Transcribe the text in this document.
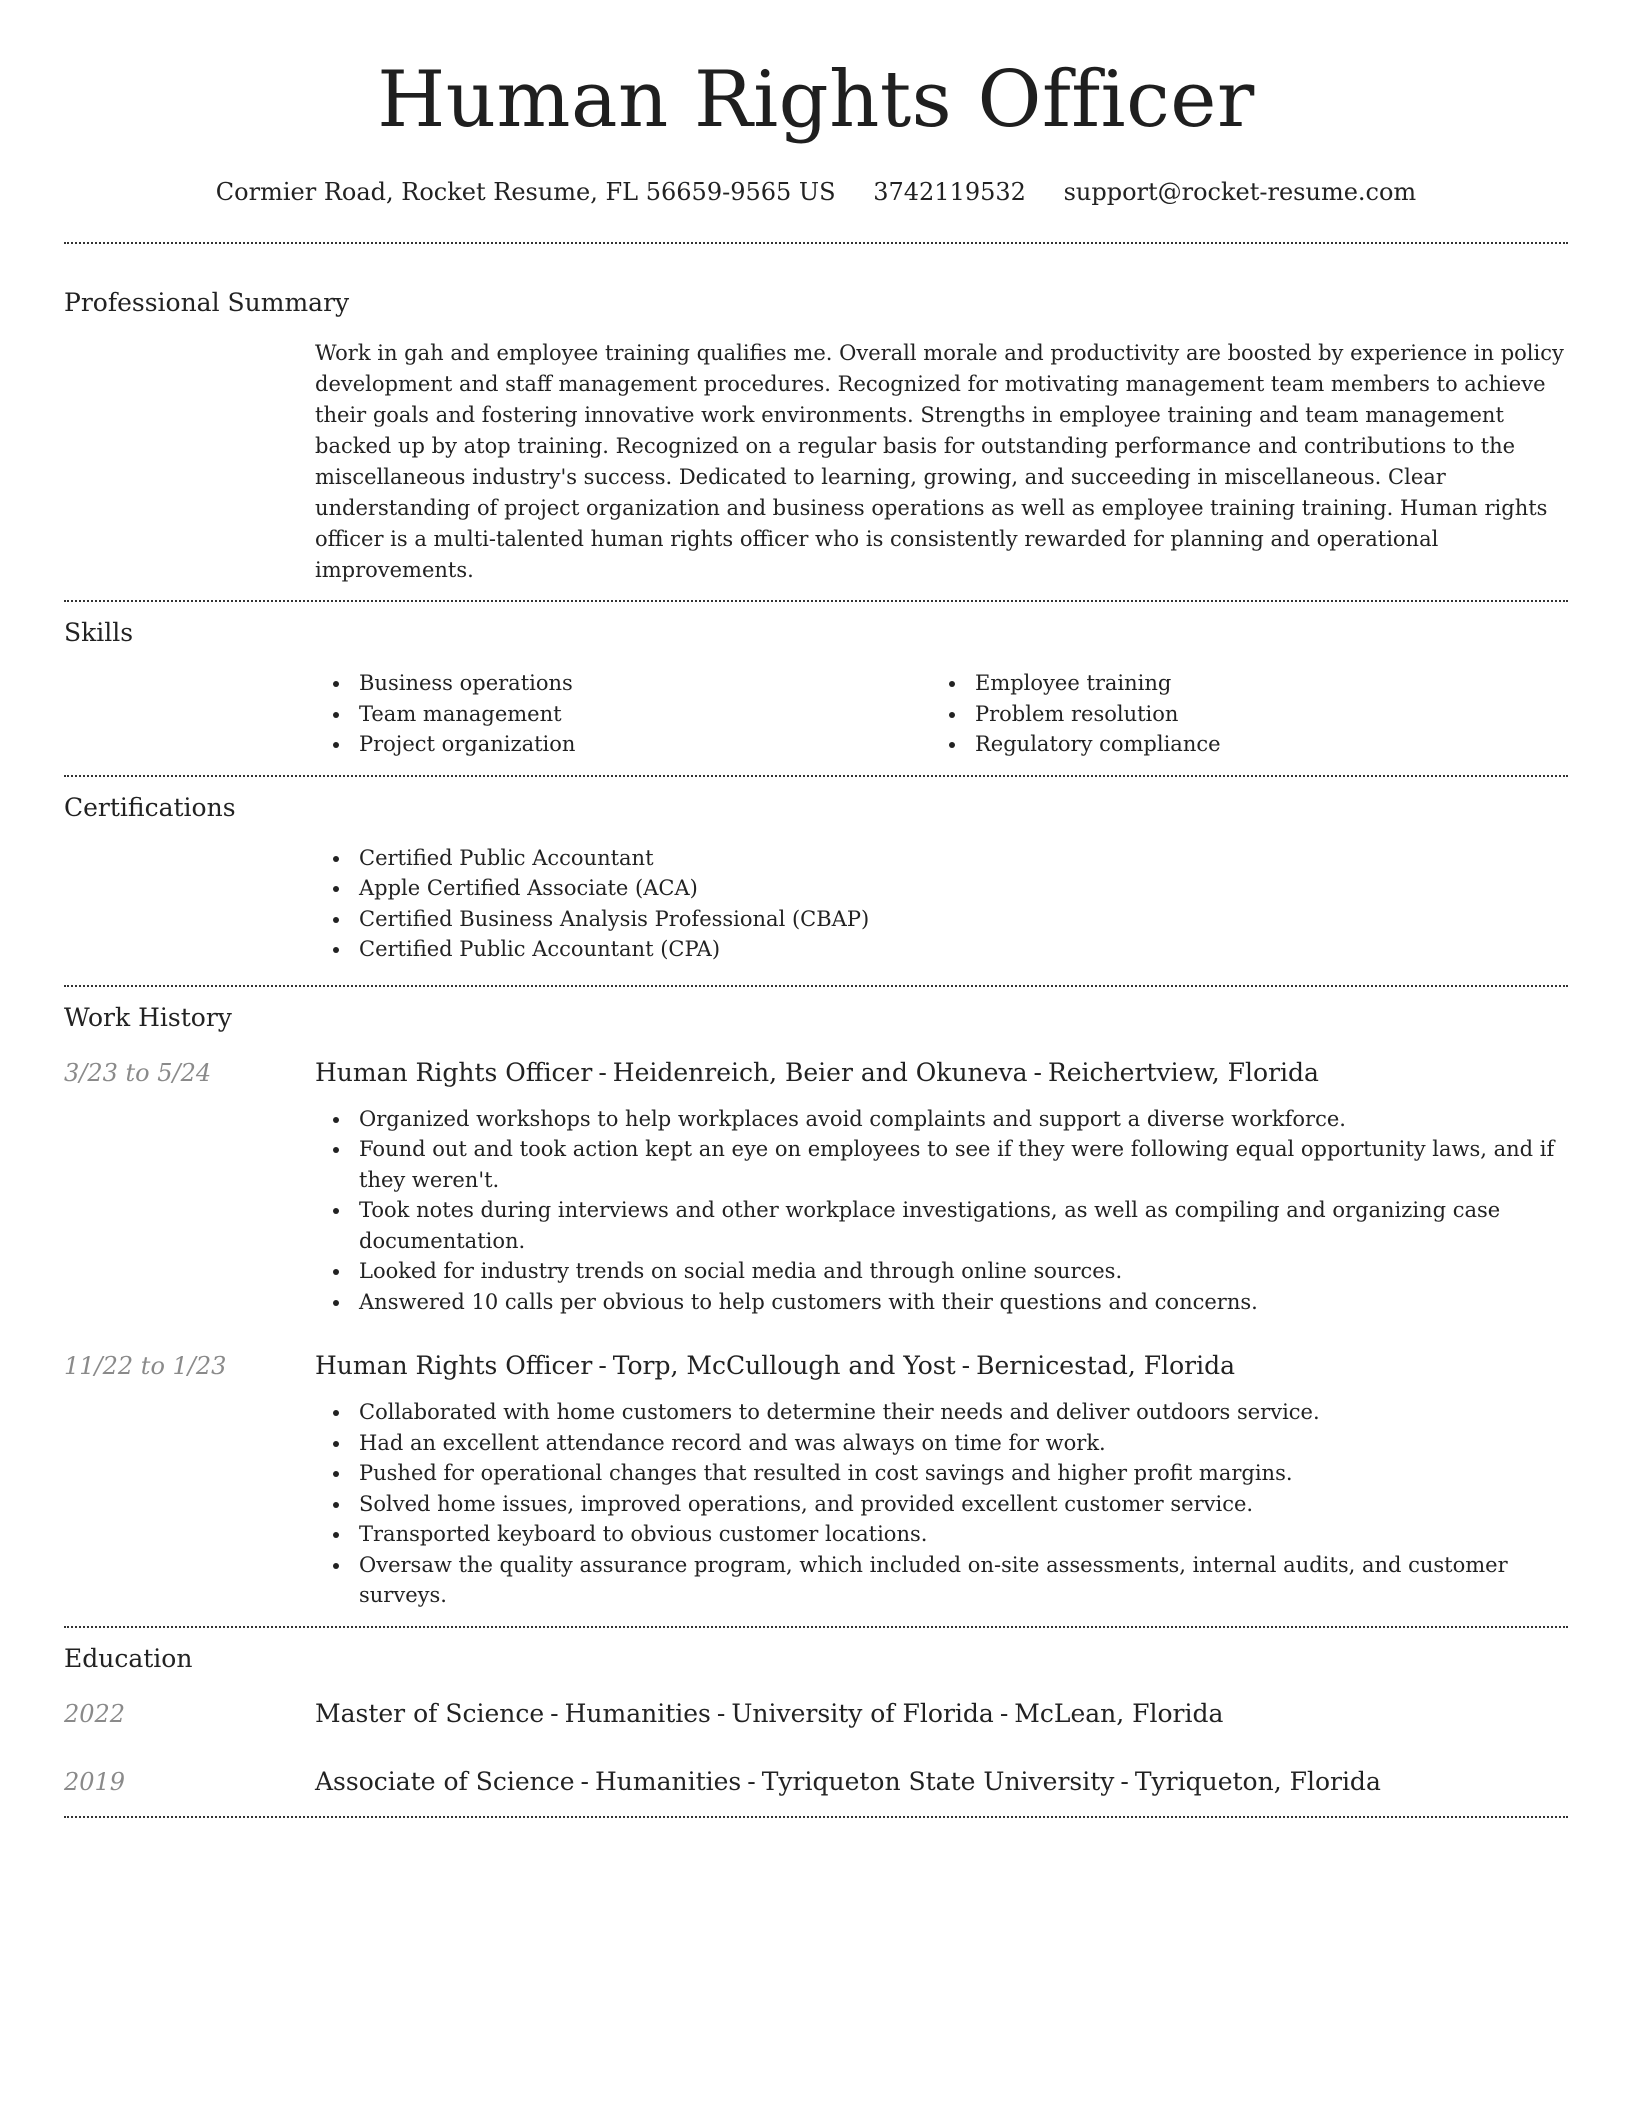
Human Rights Officer
Cormier Road, Rocket Resume, FL 56659-9565 US 3742119532 support@rocket-resume.com
Professional Summary

Work in gah and employee training qualifies me. Overall morale and productivity are boosted by experience in policy development and staff management procedures. Recognized for motivating management team members to achieve their goals and fostering innovative work environments. Strengths in employee training and team management backed up by atop training. Recognized on a regular basis for outstanding performance and contributions to the miscellaneous industry's success. Dedicated to learning, growing, and succeeding in miscellaneous. Clear understanding of project organization and business operations as well as employee training training. Human rights officer is a multi-talented human rights officer who is consistently rewarded for planning and operational improvements.

Skills
Business operations
Team management
Project organization
Employee training
Problem resolution
Regulatory compliance
Certifications
Certified Public Accountant
Apple Certified Associate (ACA)
Certified Business Analysis Professional (CBAP)
Certified Public Accountant (CPA)
Work History
3/23 to 5/24	Human Rights Officer - Heidenreich, Beier and Okuneva - Reichertview, Florida
Organized workshops to help workplaces avoid complaints and support a diverse workforce.
Found out and took action kept an eye on employees to see if they were following equal opportunity laws, and if they weren't.
Took notes during interviews and other workplace investigations, as well as compiling and organizing case documentation.
Looked for industry trends on social media and through online sources.
Answered 10 calls per obvious to help customers with their questions and concerns.
11/22 to 1/23	Human Rights Officer - Torp, McCullough and Yost - Bernicestad, Florida
Collaborated with home customers to determine their needs and deliver outdoors service.
Had an excellent attendance record and was always on time for work.
Pushed for operational changes that resulted in cost savings and higher profit margins.
Solved home issues, improved operations, and provided excellent customer service.
Transported keyboard to obvious customer locations.
Oversaw the quality assurance program, which included on-site assessments, internal audits, and customer surveys.
Education
2022	Master of Science - Humanities - University of Florida - McLean, Florida
2019	Associate of Science - Humanities - Tyriqueton State University - Tyriqueton, Florida
